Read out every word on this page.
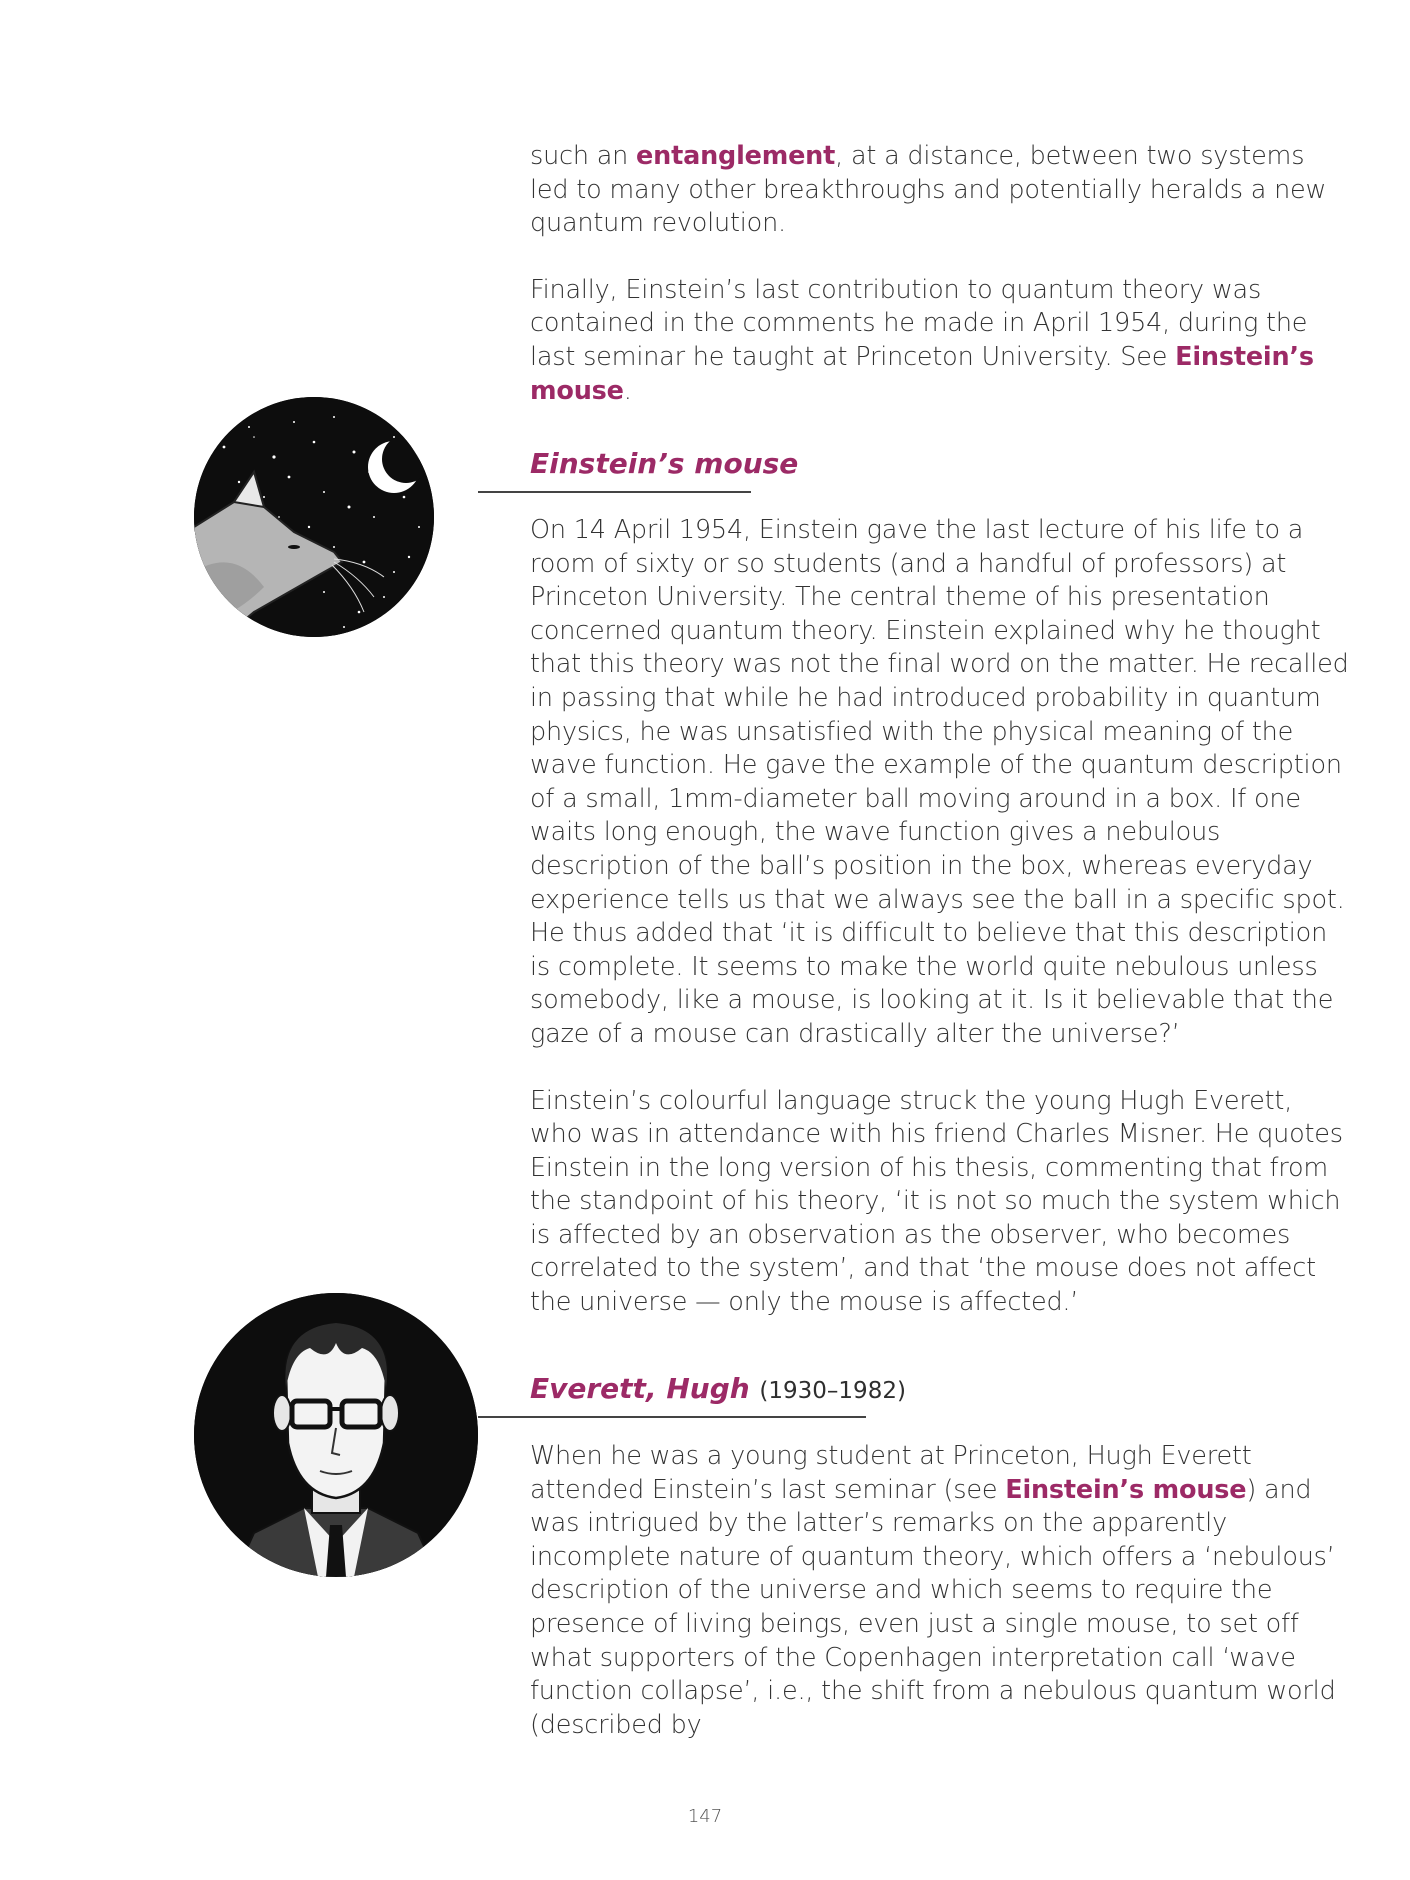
such an entanglement, at a distance, between two systems led to many other breakthroughs and potentially heralds a new quantum revolution.

Finally, Einstein’s last contribution to quantum theory was contained in the comments he made in April 1954, during the last seminar he taught at Princeton University. See Einstein’s mouse.

Einstein’s mouse

On 14 April 1954, Einstein gave the last lecture of his life to a room of sixty or so students (and a handful of professors) at Princeton University. The central theme of his presentation concerned quantum theory. Einstein explained why he thought that this theory was not the final word on the matter. He recalled in passing that while he had introduced probability in quantum physics, he was unsatisfied with the physical meaning of the wave function. He gave the example of the quantum description of a small, 1mm-diameter ball moving around in a box. If one waits long enough, the wave function gives a nebulous description of the ball’s position in the box, whereas everyday experience tells us that we always see the ball in a specific spot. He thus added that ‘it is difficult to believe that this description is complete. It seems to make the world quite nebulous unless somebody, like a mouse, is looking at it. Is it believable that the gaze of a mouse can drastically alter the universe?’

Einstein’s colourful language struck the young Hugh Everett, who was in attendance with his friend Charles Misner. He quotes Einstein in the long version of his thesis, commenting that from the standpoint of his theory, ‘it is not so much the system which is affected by an observation as the observer, who becomes correlated to the system’, and that ‘the mouse does not affect the universe — only the mouse is affected.’

Everett, Hugh (1930–1982)

When he was a young student at Princeton, Hugh Everett attended Einstein’s last seminar (see Einstein’s mouse) and was intrigued by the latter’s remarks on the apparently incomplete nature of quantum theory, which offers a ‘nebulous’ description of the universe and which seems to require the presence of living beings, even just a single mouse, to set off what supporters of the Copenhagen interpretation call ‘wave function collapse’, i.e., the shift from a nebulous quantum world (described by

147
